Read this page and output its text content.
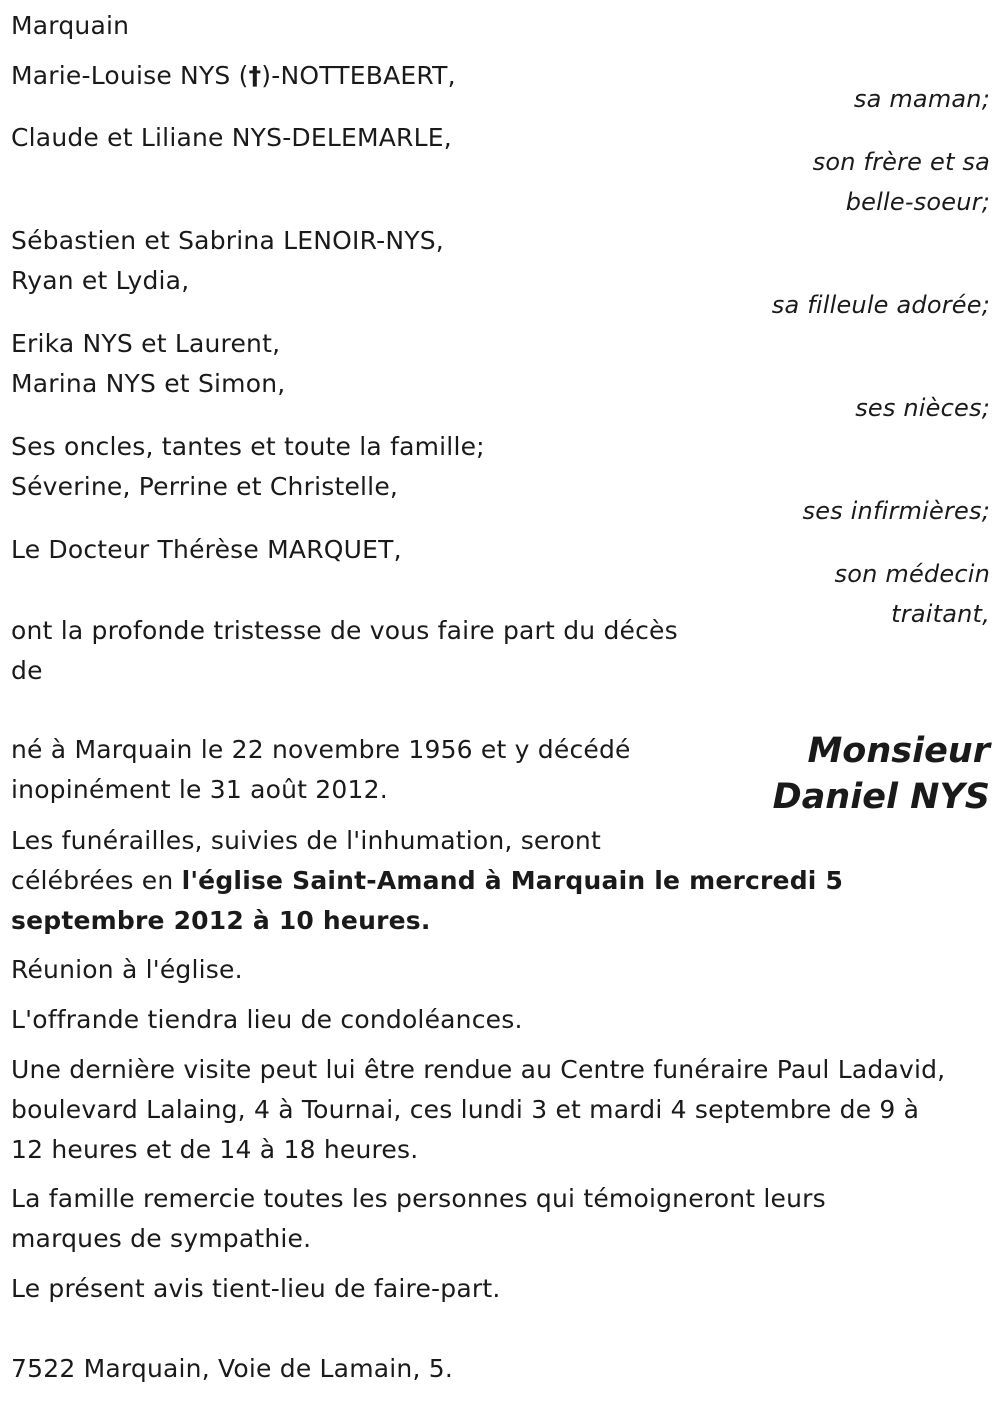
Marquain
Marie-Louise NYS (†)-NOTTEBAERT,
sa maman;
Claude et Liliane NYS-DELEMARLE,
son frère et sa
belle-soeur;
Sébastien et Sabrina LENOIR-NYS,
Ryan et Lydia,
sa filleule adorée;
Erika NYS et Laurent,
Marina NYS et Simon,
ses nièces;
Ses oncles, tantes et toute la famille;
Séverine, Perrine et Christelle,
ses infirmières;
Le Docteur Thérèse MARQUET,
son médecin
traitant,
ont la profonde tristesse de vous faire part du décès
de
Monsieur
Daniel NYS
né à Marquain le 22 novembre 1956 et y décédé
inopinément le 31 août 2012.
Les funérailles, suivies de l'inhumation, seront
célébrées en l'église Saint-Amand à Marquain le mercredi 5
septembre 2012 à 10 heures.
Réunion à l'église.
L'offrande tiendra lieu de condoléances.
Une dernière visite peut lui être rendue au Centre funéraire Paul Ladavid,
boulevard Lalaing, 4 à Tournai, ces lundi 3 et mardi 4 septembre de 9 à
12 heures et de 14 à 18 heures.
La famille remercie toutes les personnes qui témoigneront leurs
marques de sympathie.
Le présent avis tient-lieu de faire-part.
7522 Marquain, Voie de Lamain, 5.
